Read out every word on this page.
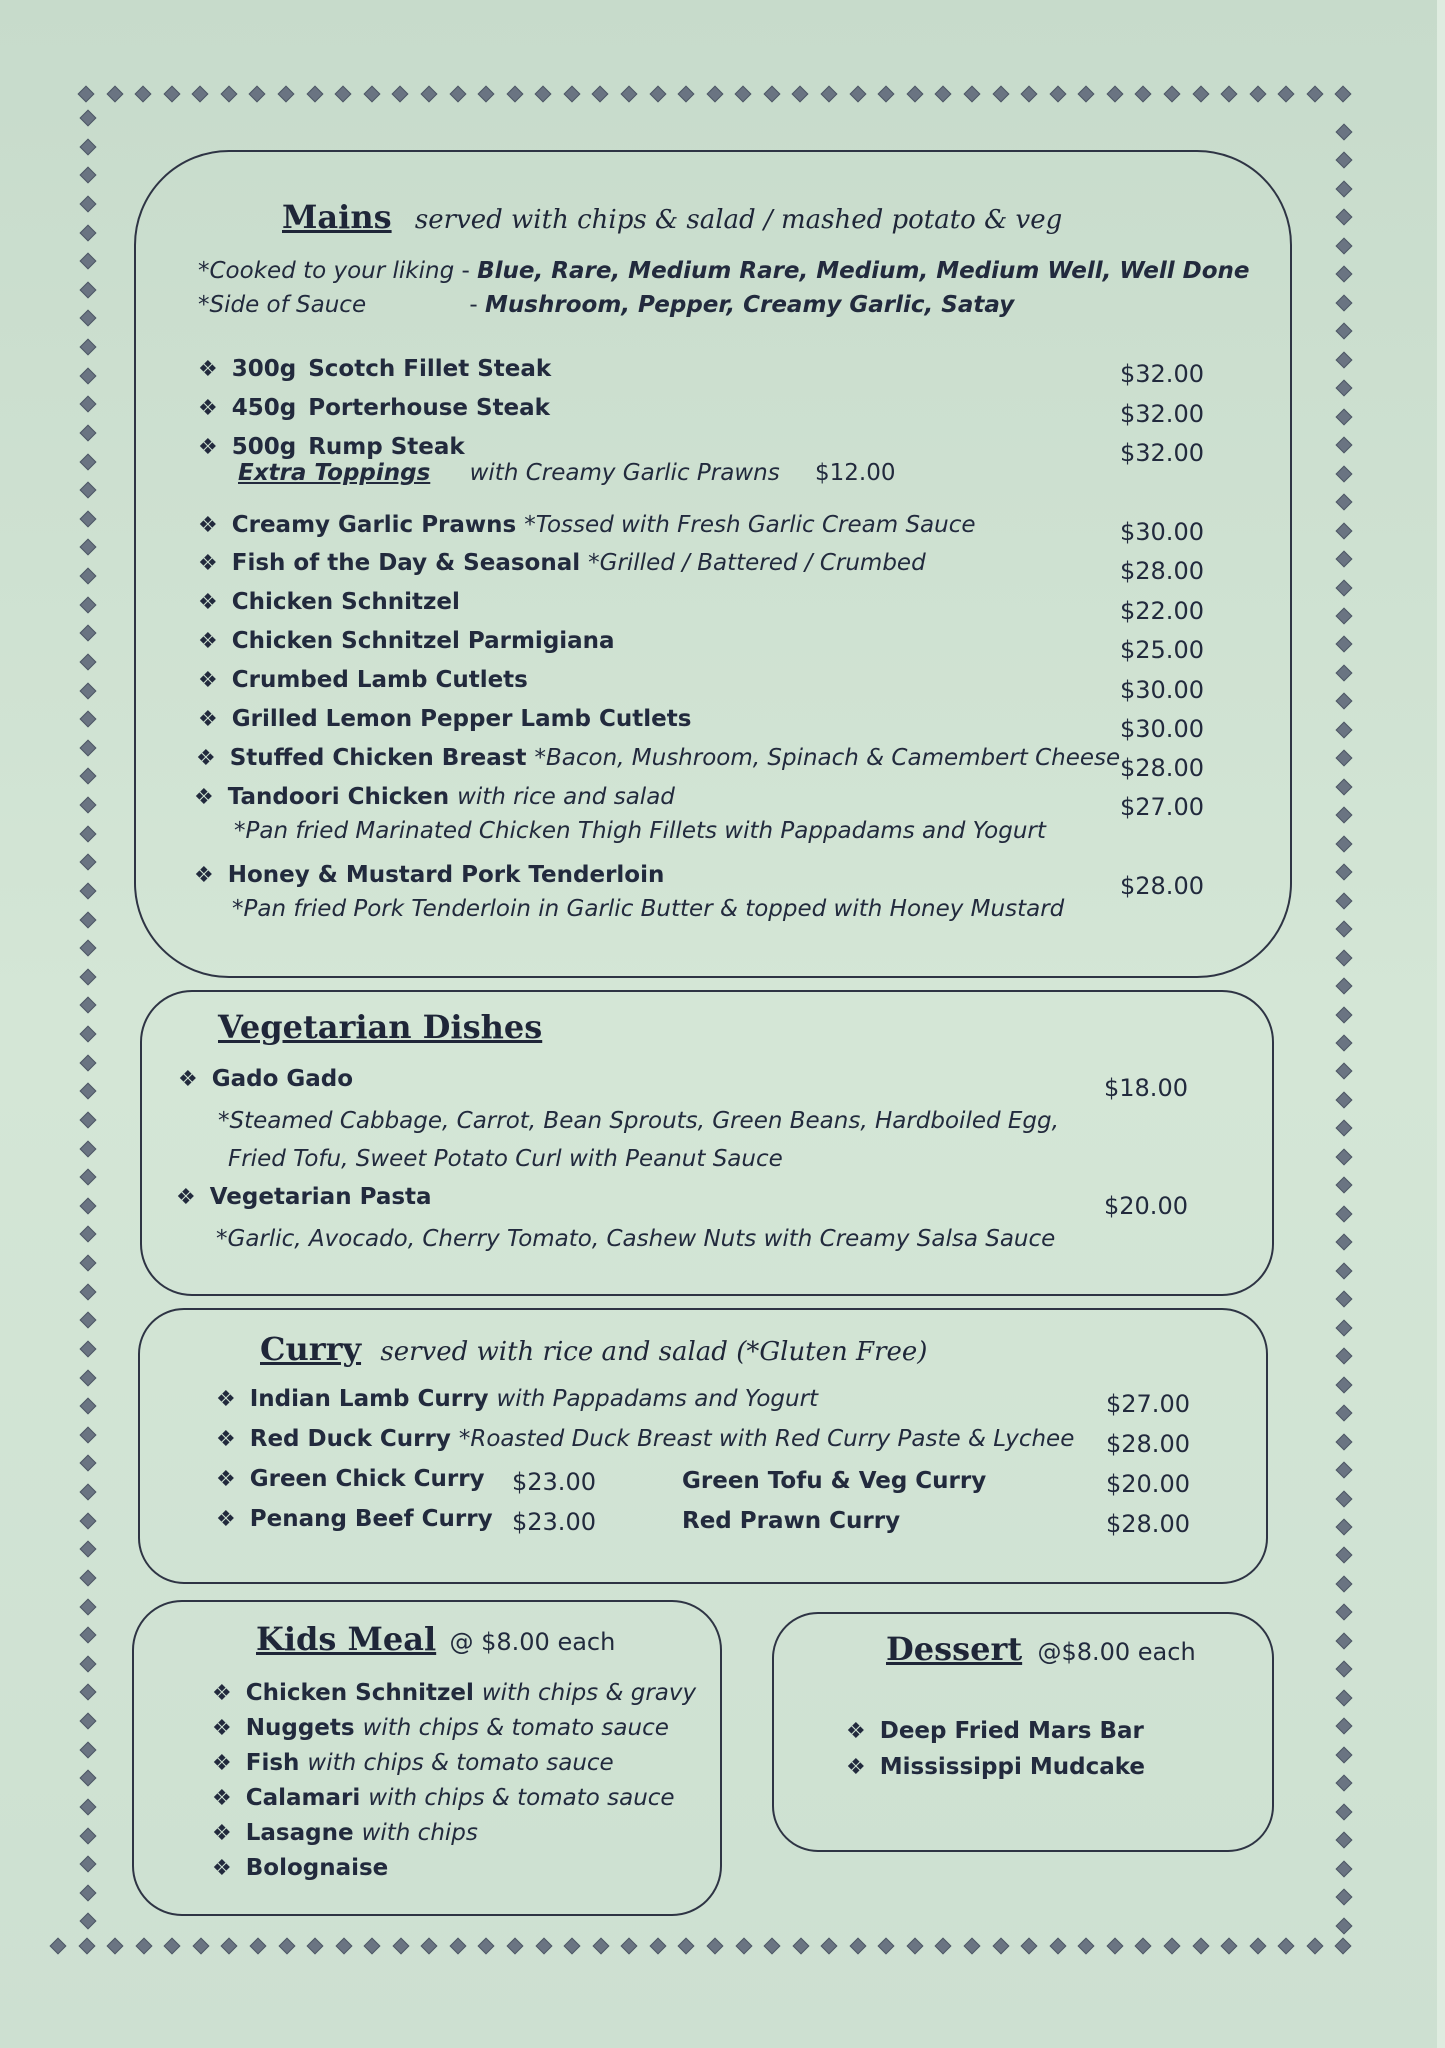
Mains served with chips & salad / mashed potato & veg
*Cooked to your liking - Blue, Rare, Medium Rare, Medium, Medium Well, Well Done
*Side of Sauce	- Mushroom, Pepper, Creamy Garlic, Satay
❖ 300g Scotch Fillet Steak	$32.00
❖ 450g Porterhouse Steak	$32.00
❖ 500g Rump Steak	$32.00
❖ Creamy Garlic Prawns *Tossed with Fresh Garlic Cream Sauce	$30.00
❖ Fish of the Day & Seasonal *Grilled / Battered / Crumbed	$28.00
❖ Chicken Schnitzel	$22.00
❖ Chicken Schnitzel Parmigiana	$25.00
❖ Crumbed Lamb Cutlets	$30.00
❖ Grilled Lemon Pepper Lamb Cutlets	$30.00
❖ Stuffed Chicken Breast *Bacon, Mushroom, Spinach & Camembert Cheese $28.00
❖ Tandoori Chicken with rice and salad	$27.00
❖ Honey & Mustard Pork Tenderloin	$28.00
Extra Toppings with Creamy Garlic Prawns $12.00
*Pan fried Marinated Chicken Thigh Fillets with Pappadams and Yogurt
*Pan fried Pork Tenderloin in Garlic Butter & topped with Honey Mustard
Vegetarian Dishes
❖ Gado Gado	$18.00
*Steamed Cabbage, Carrot, Bean Sprouts, Green Beans, Hardboiled Egg,
Fried Tofu, Sweet Potato Curl with Peanut Sauce
❖ Vegetarian Pasta	$20.00
*Garlic, Avocado, Cherry Tomato, Cashew Nuts with Creamy Salsa Sauce
Curry served with rice and salad (*Gluten Free)
❖ Indian Lamb Curry with Pappadams and Yogurt	$27.00
❖ Red Duck Curry *Roasted Duck Breast with Red Curry Paste & Lychee $28.00
❖ Green Chick Curry $23.00	Green Tofu & Veg Curry	$20.00
❖ Penang Beef Curry $23.00	Red Prawn Curry	$28.00
Kids Meal @ $8.00 each
❖ Chicken Schnitzel with chips & gravy
❖ Nuggets with chips & tomato sauce
❖ Fish with chips & tomato sauce
❖ Calamari with chips & tomato sauce
❖ Lasagne with chips
❖ Bolognaise
Dessert @$8.00 each
❖ Deep Fried Mars Bar
❖ Mississippi Mudcake
